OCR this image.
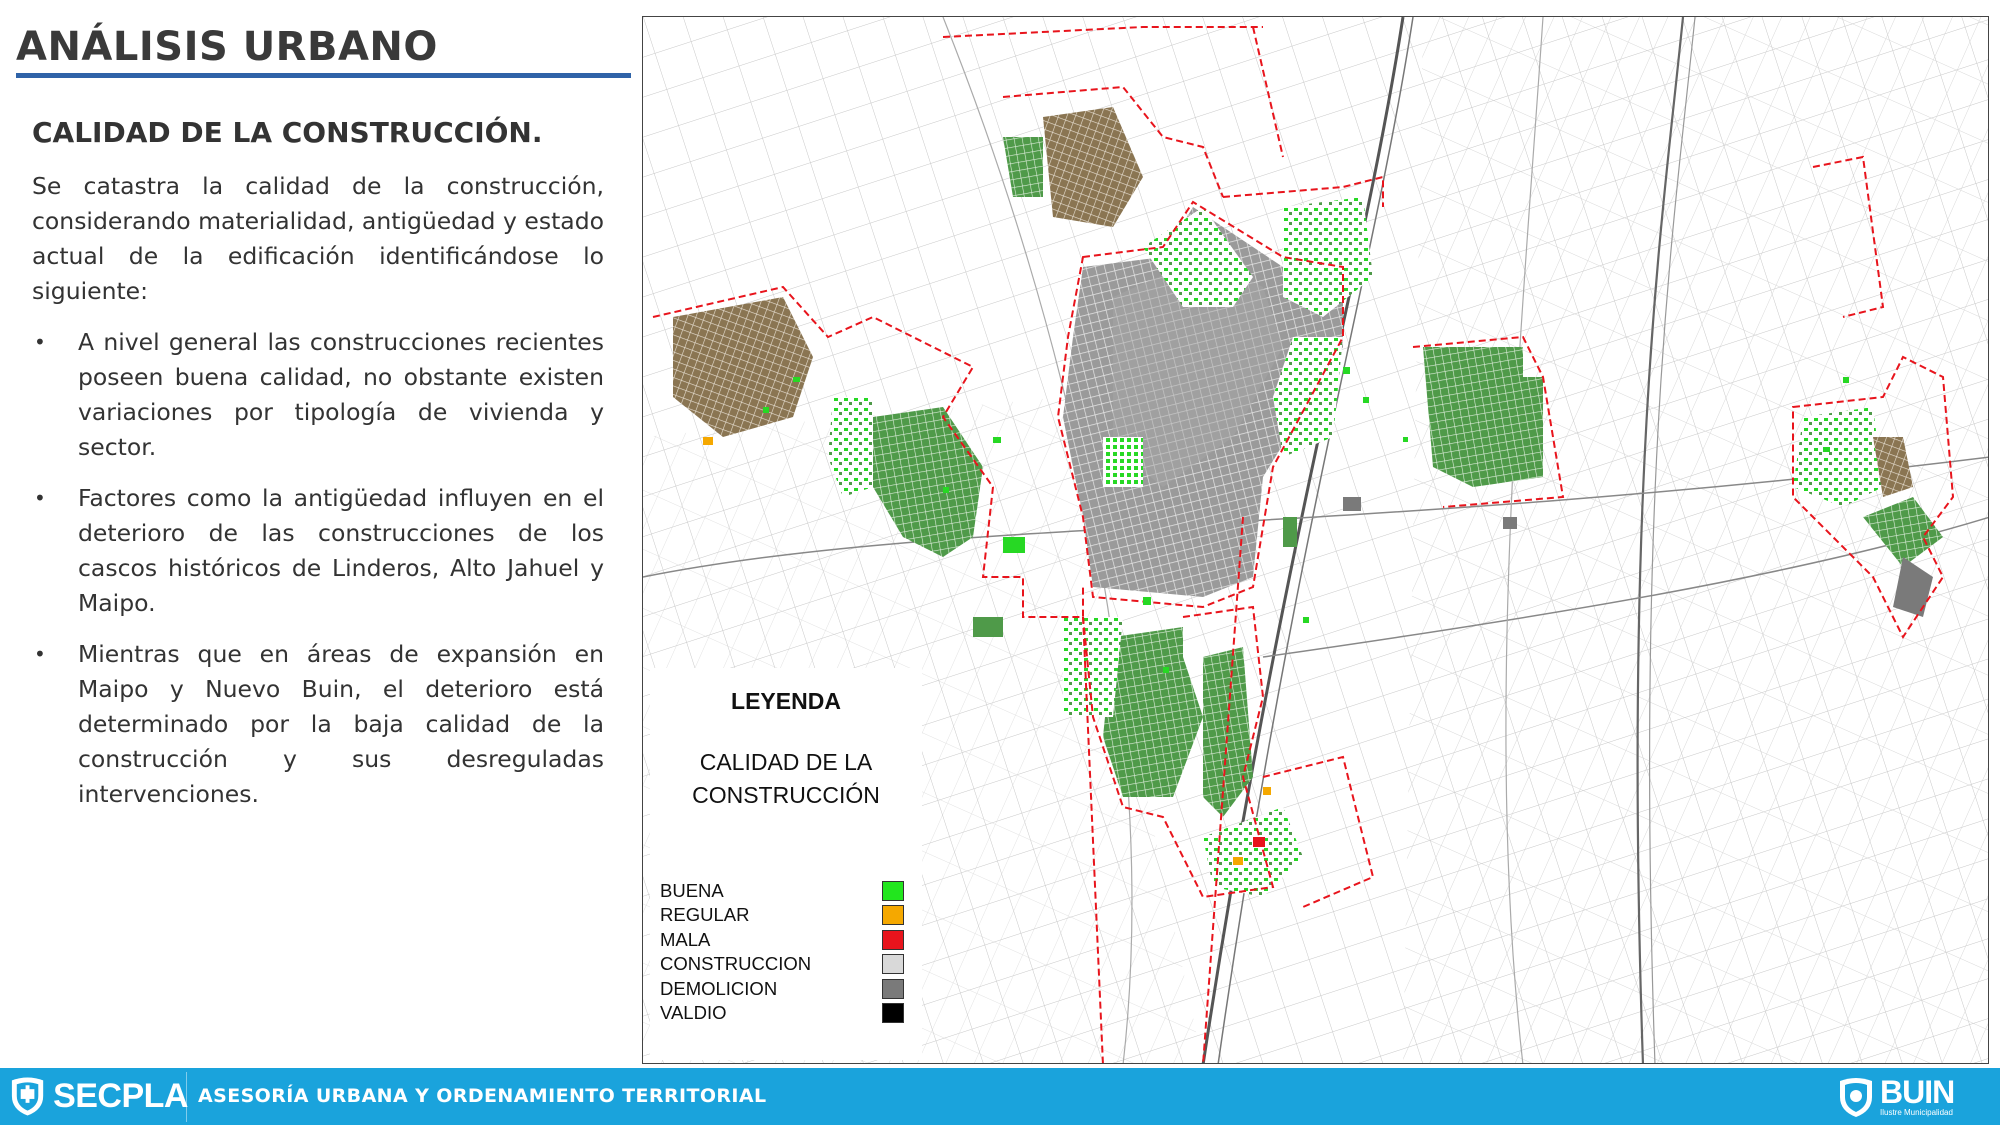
ANÁLISIS URBANO
CALIDAD DE LA CONSTRUCCIÓN.

Se catastra la calidad de la construcción, considerando materialidad, antigüedad y estado actual de la edificación identificándose lo siguiente:

• A nivel general las construcciones recientes poseen buena calidad, no obstante existen variaciones por tipología de vivienda y sector.
• Factores como la antigüedad influyen en el deterioro de las construcciones de los cascos históricos de Linderos, Alto Jahuel y Maipo.
• Mientras que en áreas de expansión en Maipo y Nuevo Buin, el deterioro está determinado por la baja calidad de la construcción y sus desreguladas intervenciones.
LEYENDA
CALIDAD DE LA
CONSTRUCCIÓN
BUENA
REGULAR
MALA
CONSTRUCCION
DEMOLICION
VALDIO
SECPLA ASESORÍA URBANA Y ORDENAMIENTO TERRITORIAL	BUIN
Ilustre Municipalidad
